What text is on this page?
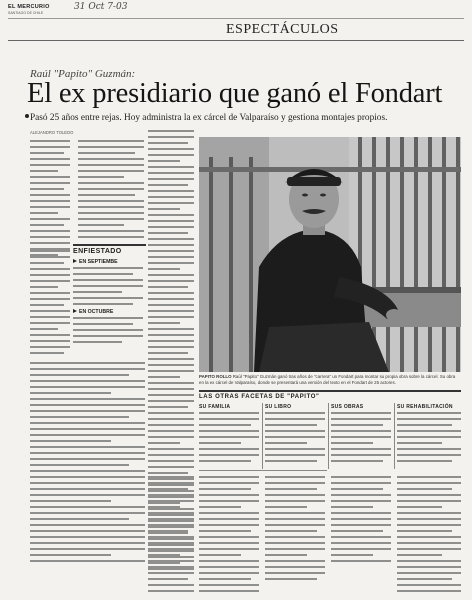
EL MERCURIO
SANTIAGO DE CHILE
31 Oct 7-03
ESPECTÁCULOS
Raúl "Papito" Guzmán:
El ex presidiario que ganó el Fondart
Pasó 25 años entre rejas. Hoy administra la ex cárcel de Valparaíso y gestiona montajes propios.
ALEJANDRO TOLEDO
ENFIESTADO
EN SEPTIEMBE
EN OCTUBRE
PAPITO ROLLO Raúl "Papito" Guzmán ganó tras años de "carrera" un Fondart para montar su propia obra sobre la cárcel. Su obra en la ex cárcel de Valparaíso, donde se presentará una versión del texto en el Fondart de 25 actores.
LAS OTRAS FACETAS DE "PAPITO"
SU FAMILIA	SU LIBRO	SUS OBRAS	SU REHABILITACIÓN
